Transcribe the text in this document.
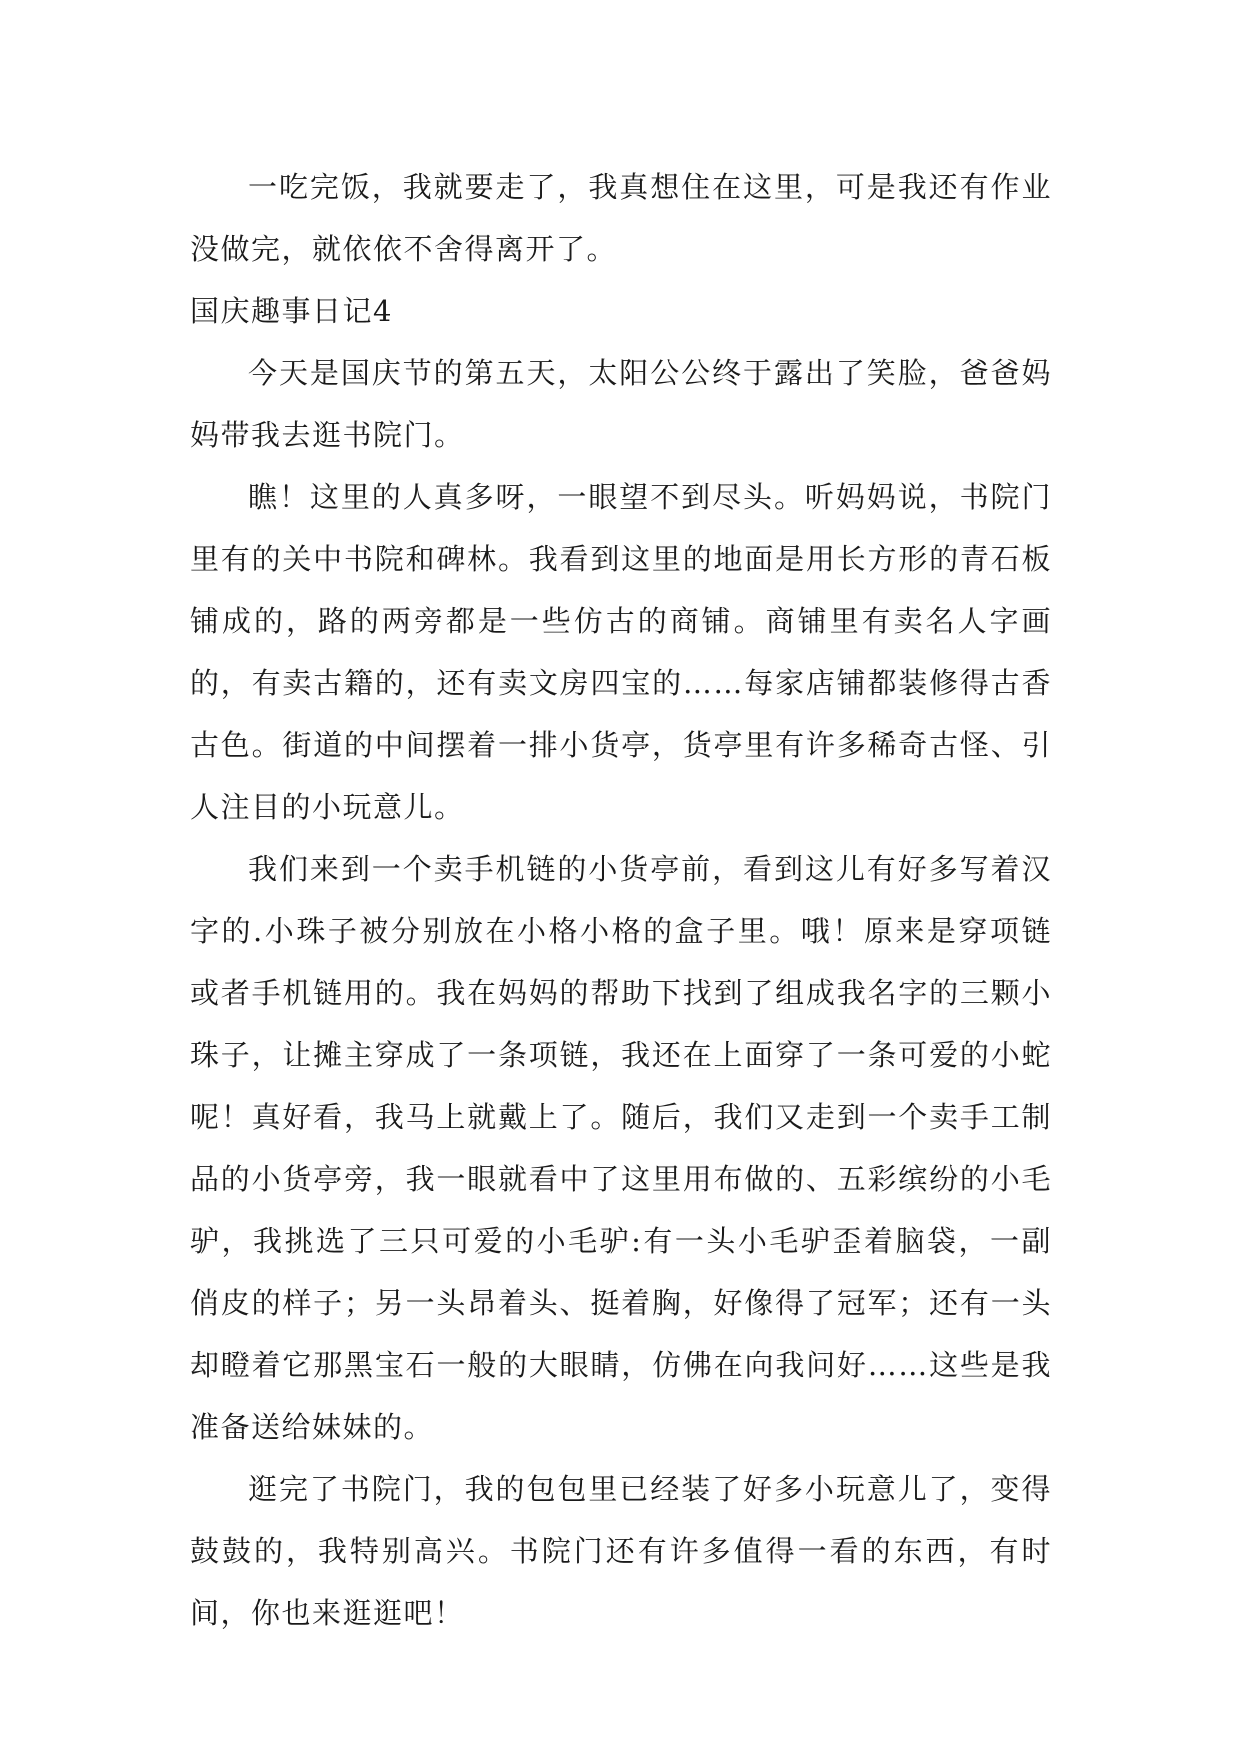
一吃完饭，我就要走了，我真想住在这里，可是我还有作业没做完，就依依不舍得离开了。

国庆趣事日记4

今天是国庆节的第五天，太阳公公终于露出了笑脸，爸爸妈妈带我去逛书院门。

瞧！这里的人真多呀，一眼望不到尽头。听妈妈说，书院门里有的关中书院和碑林。我看到这里的地面是用长方形的青石板铺成的，路的两旁都是一些仿古的商铺。商铺里有卖名人字画的，有卖古籍的，还有卖文房四宝的……每家店铺都装修得古香古色。街道的中间摆着一排小货亭，货亭里有许多稀奇古怪、引人注目的小玩意儿。

我们来到一个卖手机链的小货亭前，看到这儿有好多写着汉字的.小珠子被分别放在小格小格的盒子里。哦！原来是穿项链或者手机链用的。我在妈妈的帮助下找到了组成我名字的三颗小珠子，让摊主穿成了一条项链，我还在上面穿了一条可爱的小蛇呢！真好看，我马上就戴上了。随后，我们又走到一个卖手工制品的小货亭旁，我一眼就看中了这里用布做的、五彩缤纷的小毛驴，我挑选了三只可爱的小毛驴:有一头小毛驴歪着脑袋，一副俏皮的样子；另一头昂着头、挺着胸，好像得了冠军；还有一头却瞪着它那黑宝石一般的大眼睛，仿佛在向我问好……这些是我准备送给妹妹的。

逛完了书院门，我的包包里已经装了好多小玩意儿了，变得鼓鼓的，我特别高兴。书院门还有许多值得一看的东西，有时间，你也来逛逛吧！
